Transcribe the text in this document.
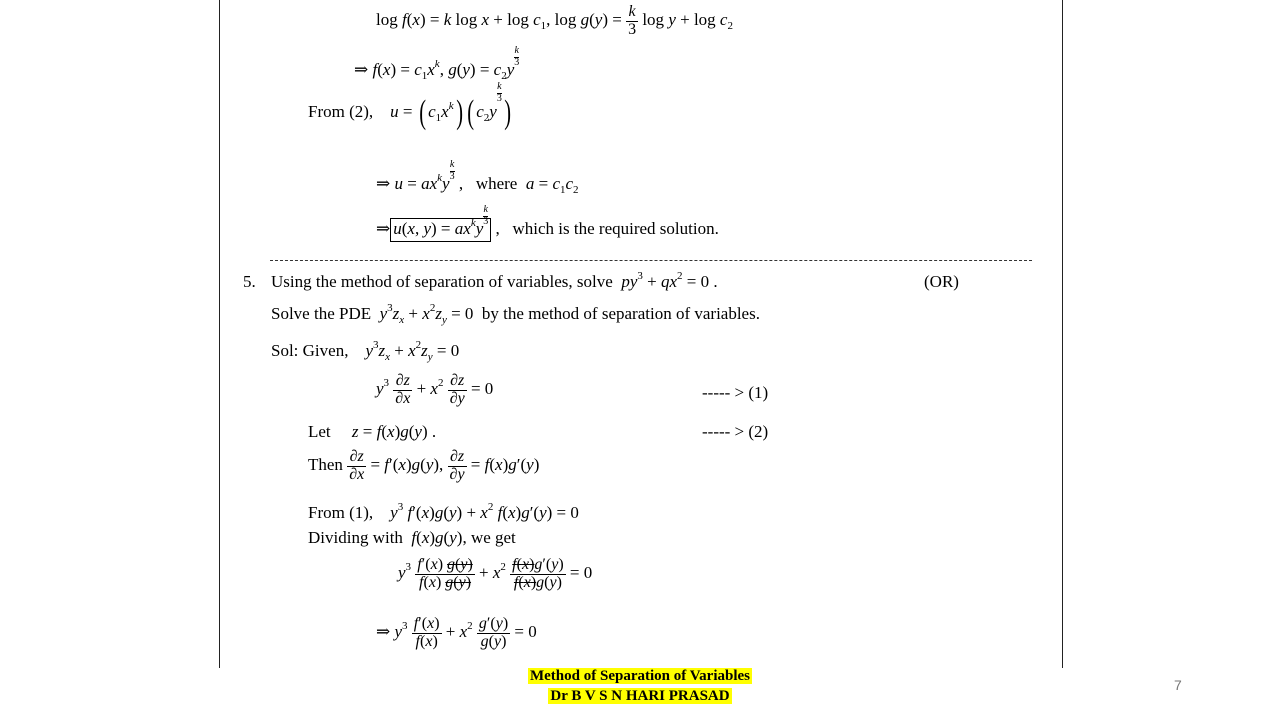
log f(x) = k $\log x + \log c_1$, $\log g(y) = \frac{k}{3}$ $\log y + \log c_2$
⇒ $f(x) = c_1x^k$, $g(y) = c_2y$
$\frac{k}{3}$
From (2), u = ( $c_1x^k$) ( $c_2y$
$\frac{k}{3}$
)
⇒ $u = ax^ky$
$\frac{k}{3}$
,   where $a = c_1c_2$
⇒ u(x, $y) = ax^ky$
$\frac{k}{3}$
,   which is the required solution.
5. Using the method of separation of variables, solve $py^3 + qx^2 = 0$ .	(OR)
Solve the PDE $y^3z_x + x^2z_y = 0$  by the method of separation of variables.
Sol: Given, $y^3z_x + x^2z_y = 0$
$y^3 \frac{\partial z}{\partial x} + x^2 \frac{\partial z}{\partial y} = 0$	----- > (1)
Let z = f(x)g(y) .	----- > (2)
Then $\frac{\partial z}{\partial x} = f'(x)g(y)$, $\frac{\partial z}{\partial y} = f(x)g'(y)$
From (1), $y^3$ $f'(x)g(y) + x^2$ f(x)g′(y) = 0
Dividing with f(x)g(y), we get
$y^3 \frac{f'(x) g(y)}{f(x) g(y)} + x^2 \frac{f(x)g'(y)}{f(x)g(y)} = 0$
⇒ $y^3 \frac{f'(x)}{f(x)} + x^2 \frac{g'(y)}{g(y)} = 0$
Method of Separation of Variables
Dr B V S N HARI PRASAD
7
